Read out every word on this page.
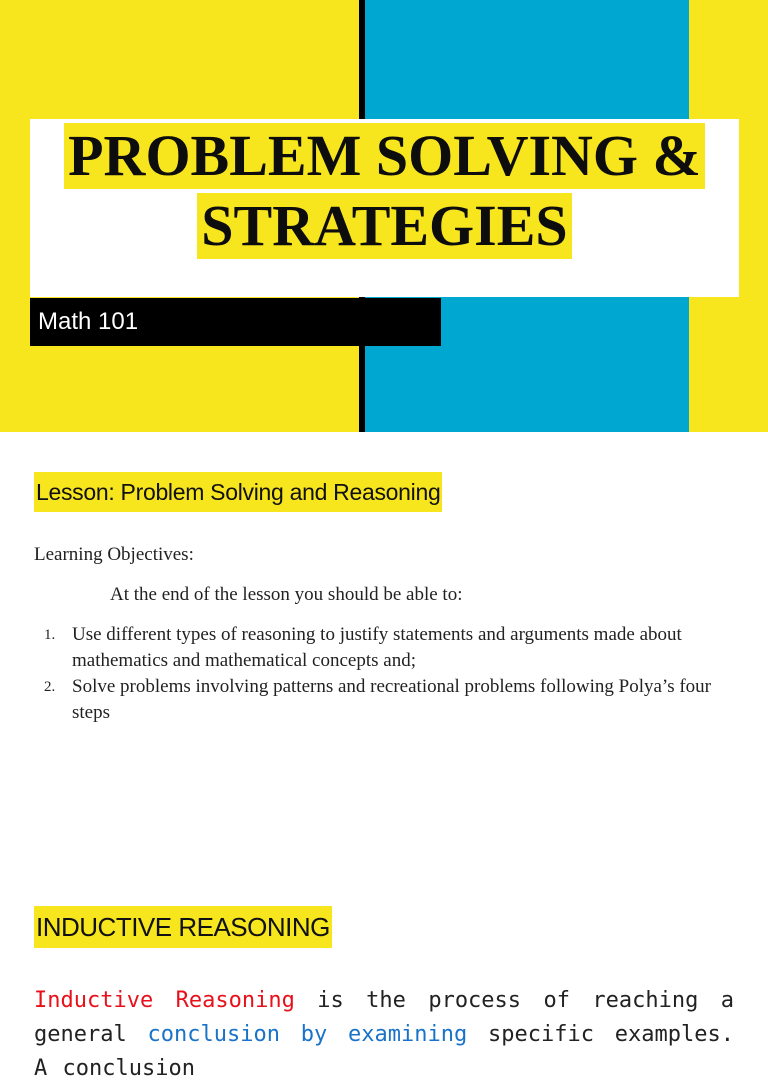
PROBLEM SOLVING &
STRATEGIES
Math 101
Lesson: Problem Solving and Reasoning
Learning Objectives:
At the end of the lesson you should be able to:
1. Use different types of reasoning to justify statements and arguments made about mathematics and mathematical concepts and;
2. Solve problems involving patterns and recreational problems following Polya’s four steps
INDUCTIVE REASONING
Inductive Reasoning is the process of reaching a general conclusion by examining specific examples. A conclusion
